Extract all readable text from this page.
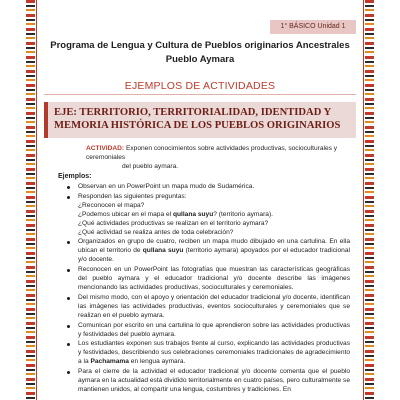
1° BÁSICO Unidad 1
Programa de Lengua y Cultura de Pueblos originarios Ancestrales
Pueblo Aymara
EJEMPLOS DE ACTIVIDADES
EJE: TERRITORIO, TERRITORIALIDAD, IDENTIDAD Y
MEMORIA HISTÓRICA DE LOS PUEBLOS ORIGINARIOS
ACTIVIDAD: Exponen conocimientos sobre actividades productivas, socioculturales y ceremoniales
del pueblo aymara.
Ejemplos:
Observan en un PowerPoint un mapa mudo de Sudamérica.
Responden las siguientes preguntas:
¿Reconocen el mapa?
¿Podemos ubicar en el mapa el qullana suyu? (territorio aymara).
¿Qué actividades productivas se realizan en el territorio aymara?
¿Qué actividad se realiza antes de toda celebración?
Organizados en grupo de cuatro, reciben un mapa mudo dibujado en una cartulina. En ella ubican el territorio de qullana suyu (territorio aymara) apoyados por el educador tradicional y/o docente.
Reconocen en un PowerPoint las fotografías que muestran las características geográficas del pueblo aymara y el educador tradicional y/o docente describe las imágenes mencionando las actividades productivas, socioculturales y ceremoniales.
Del mismo modo, con el apoyo y orientación del educador tradicional y/o docente, identifican las imágenes las actividades productivas, eventos socioculturales y ceremoniales que se realizan en el pueblo aymara.
Comunican por escrito en una cartulina lo que aprendieron sobre las actividades productivas y festividades del pueblo aymara.
Los estudiantes exponen sus trabajos frente al curso, explicando las actividades productivas y festividades, describiendo sus celebraciones ceremoniales tradicionales de agradecimiento a la Pachamama en lengua aymara.
Para el cierre de la actividad el educador tradicional y/o docente comenta que el pueblo aymara en la actualidad está dividido territorialmente en cuatro países, pero culturalmente se mantienen unidos, al compartir una lengua, costumbres y tradiciones. En
